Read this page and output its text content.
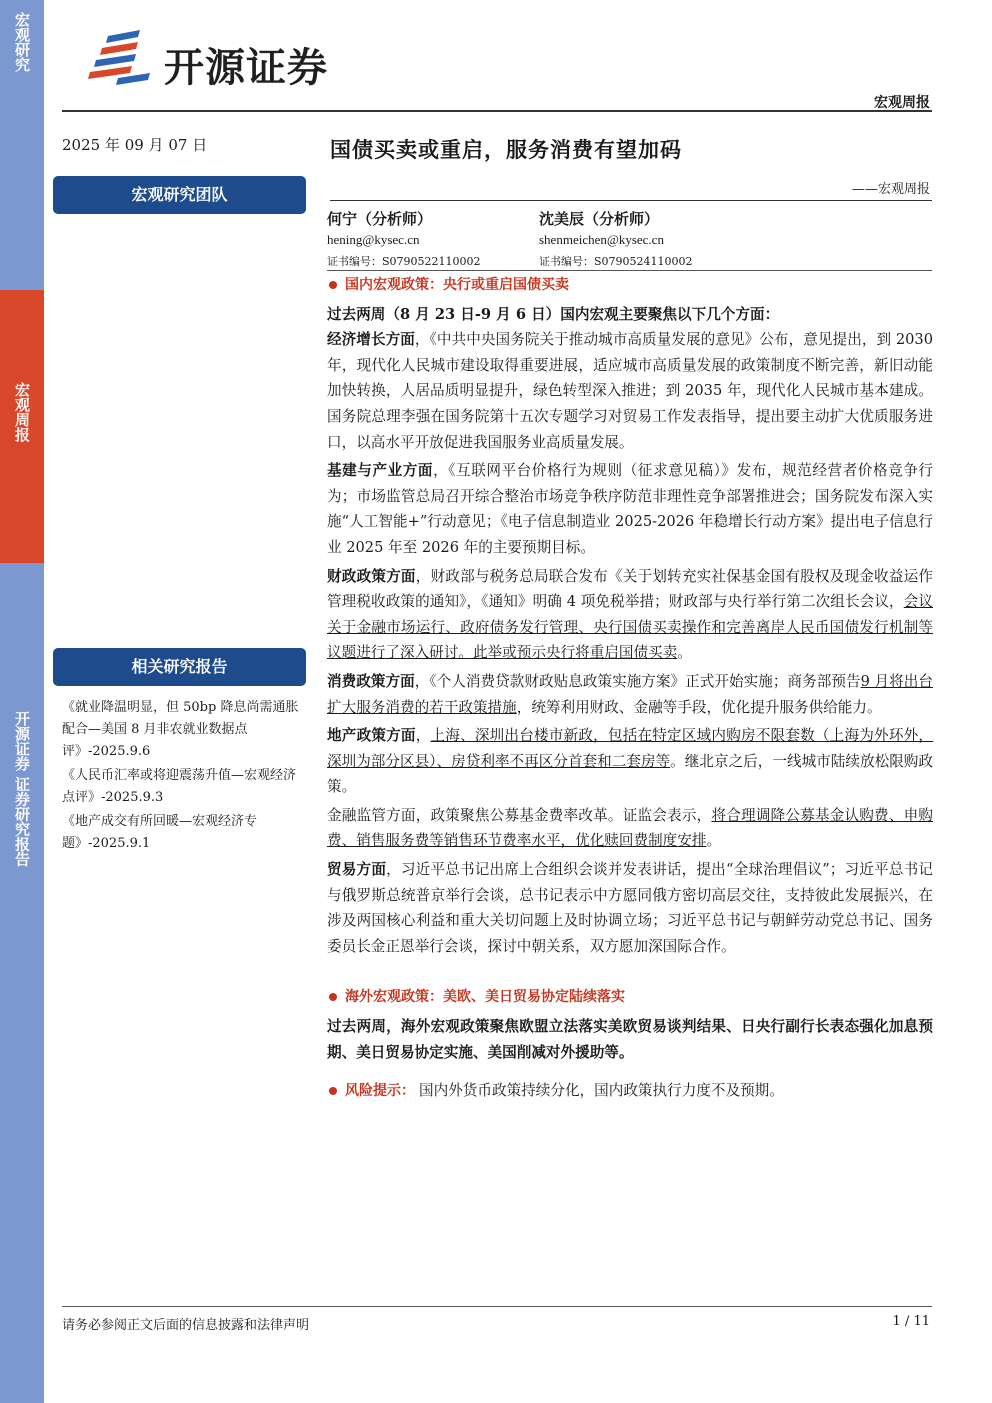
宏观研究
宏观周报
开源证券 证券研究报告
开源证券
宏观周报
2025 年 09 月 07 日
宏观研究团队
相关研究报告
《就业降温明显，但 50bp 降息尚需通胀配合—美国 8 月非农就业数据点评》-2025.9.6
《人民币汇率或将迎震荡升值—宏观经济点评》-2025.9.3
《地产成交有所回暖—宏观经济专题》-2025.9.1
国债买卖或重启，服务消费有望加码
——宏观周报
何宁（分析师）
hening@kysec.cn
证书编号：S0790522110002
沈美辰（分析师）
shenmeichen@kysec.cn
证书编号：S0790524110002
国内宏观政策：央行或重启国债买卖
过去两周（8 月 23 日-9 月 6 日）国内宏观主要聚焦以下几个方面：
经济增长方面，《中共中央国务院关于推动城市高质量发展的意见》公布，意见提出，到 2030 年，现代化人民城市建设取得重要进展，适应城市高质量发展的政策制度不断完善，新旧动能加快转换，人居品质明显提升，绿色转型深入推进；到 2035 年，现代化人民城市基本建成。国务院总理李强在国务院第十五次专题学习对贸易工作发表指导，提出要主动扩大优质服务进口，以高水平开放促进我国服务业高质量发展。
基建与产业方面，《互联网平台价格行为规则（征求意见稿）》发布，规范经营者价格竞争行为；市场监管总局召开综合整治市场竞争秩序防范非理性竞争部署推进会；国务院发布深入实施“人工智能+”行动意见；《电子信息制造业 2025-2026 年稳增长行动方案》提出电子信息行业 2025 年至 2026 年的主要预期目标。
财政政策方面，财政部与税务总局联合发布《关于划转充实社保基金国有股权及现金收益运作管理税收政策的通知》，《通知》明确 4 项免税举措；财政部与央行举行第二次组长会议，会议关于金融市场运行、政府债务发行管理、央行国债买卖操作和完善离岸人民币国债发行机制等议题进行了深入研讨。此举或预示央行将重启国债买卖。
消费政策方面，《个人消费贷款财政贴息政策实施方案》正式开始实施；商务部预告9 月将出台扩大服务消费的若干政策措施，统筹利用财政、金融等手段，优化提升服务供给能力。
地产政策方面，上海、深圳出台楼市新政，包括在特定区域内购房不限套数（上海为外环外，深圳为部分区县）、房贷利率不再区分首套和二套房等。继北京之后，一线城市陆续放松限购政策。
金融监管方面，政策聚焦公募基金费率改革。证监会表示，将合理调降公募基金认购费、申购费、销售服务费等销售环节费率水平，优化赎回费制度安排。
贸易方面，习近平总书记出席上合组织会谈并发表讲话，提出“全球治理倡议”；习近平总书记与俄罗斯总统普京举行会谈，总书记表示中方愿同俄方密切高层交往，支持彼此发展振兴，在涉及两国核心利益和重大关切问题上及时协调立场；习近平总书记与朝鲜劳动党总书记、国务委员长金正恩举行会谈，探讨中朝关系，双方愿加深国际合作。
海外宏观政策：美欧、美日贸易协定陆续落实
过去两周，海外宏观政策聚焦欧盟立法落实美欧贸易谈判结果、日央行副行长表态强化加息预期、美日贸易协定实施、美国削减对外援助等。
风险提示： 国内外货币政策持续分化，国内政策执行力度不及预期。
请务必参阅正文后面的信息披露和法律声明	1 / 11
